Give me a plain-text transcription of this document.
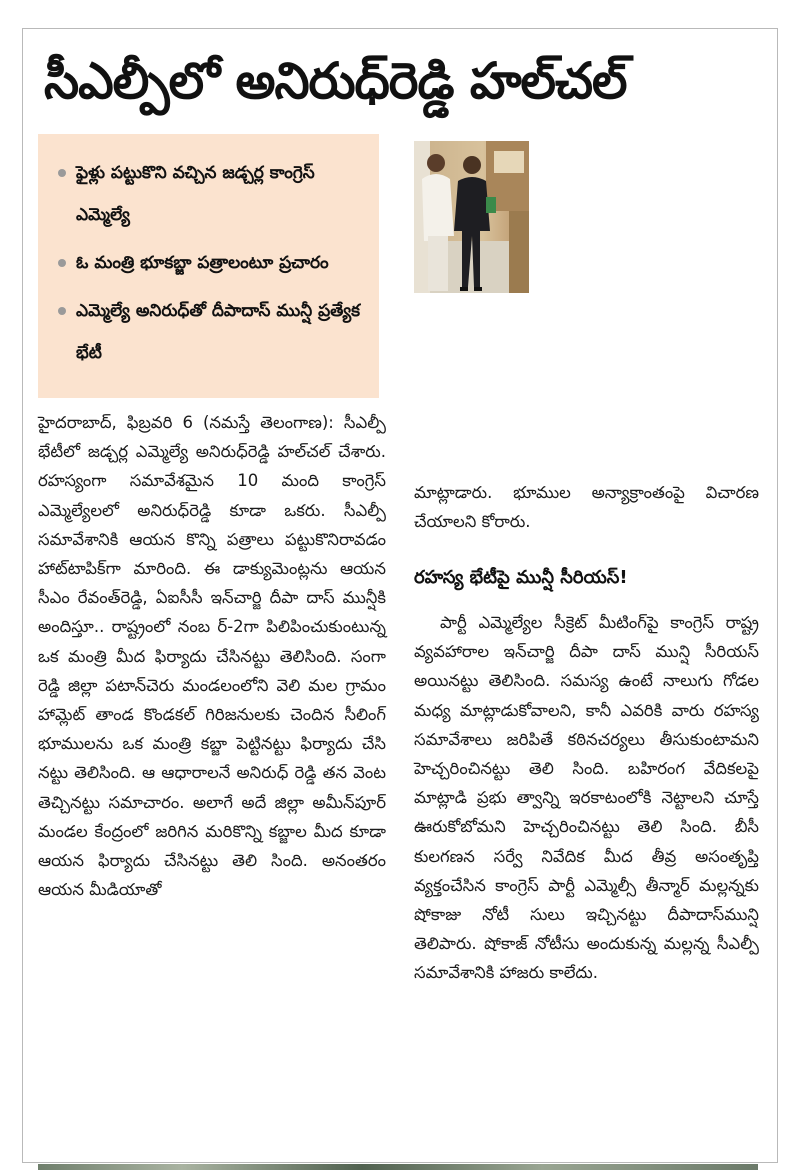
సీఎల్పీలో అనిరుధ్‌రెడ్డి హల్‌చల్
ఫైళ్లు పట్టుకొని వచ్చిన జడ్చర్ల కాంగ్రెస్‌ ఎమ్మెల్యే
ఓ మంత్రి భూకబ్జా పత్రాలంటూ ప్రచారం
ఎమ్మెల్యే అనిరుధ్‌తో దీపాదాస్‌ మున్షీ ప్రత్యేక భేటీ
హైదరాబాద్‌, ఫిబ్రవరి 6 (నమస్తే తెలంగాణ): సీఎల్పీ భేటీలో జడ్చర్ల ఎమ్మెల్యే అనిరుధ్‌రెడ్డి హల్‌చల్‌ చేశారు. రహస్యంగా సమావేశమైన 10 మంది కాంగ్రెస్‌ ఎమ్మెల్యేలలో అనిరుధ్‌రెడ్డి కూడా ఒకరు. సీఎల్పీ సమావేశానికి ఆయన కొన్ని పత్రాలు పట్టుకొనిరావడం హాట్‌టాపిక్‌గా మారింది. ఈ డాక్యుమెంట్లను ఆయన సీఎం రేవంత్‌రెడ్డి, ఏఐసీసీ ఇన్‌చార్జి దీపా దాస్‌ మున్షీకి అందిస్తూ.. రాష్ట్రంలో నంబ ర్‌-2గా పిలిపించుకుంటున్న ఒక మంత్రి మీద ఫిర్యాదు చేసినట్టు తెలిసింది. సంగా రెడ్డి జిల్లా పటాన్‌చెరు మండలంలోని వెలి మల గ్రామం హామ్లెట్‌ తాండ కొండకల్‌ గిరిజనులకు చెందిన సీలింగ్‌ భూములను ఒక మంత్రి కబ్జా పెట్టినట్టు ఫిర్యాదు చేసి నట్టు తెలిసింది. ఆ ఆధారాలనే అనిరుధ్‌ రెడ్డి తన వెంట తెచ్చినట్టు సమాచారం. అలాగే అదే జిల్లా అమీన్‌పూర్‌ మండల కేంద్రంలో జరిగిన మరికొన్ని కబ్జాల మీద కూడా ఆయన ఫిర్యాదు చేసినట్టు తెలి సింది. అనంతరం ఆయన మీడియాతో
మాట్లాడారు. భూముల అన్యాక్రాంతంపై విచారణ చేయాలని కోరారు.
రహస్య భేటీపై మున్షీ సీరియస్‌!
పార్టీ ఎమ్మెల్యేల సీక్రెట్‌ మీటింగ్‌పై కాంగ్రెస్‌ రాష్ట్ర వ్యవహారాల ఇన్‌చార్జి దీపా దాస్‌ మున్షి సీరియస్‌ అయినట్టు తెలిసింది. సమస్య ఉంటే నాలుగు గోడల మధ్య మాట్లాడుకోవాలని, కానీ ఎవరికి వారు రహస్య సమావేశాలు జరిపితే కఠినచర్యలు తీసుకుంటామని హెచ్చరించినట్టు తెలి సింది. బహిరంగ వేదికలపై మాట్లాడి ప్రభు త్వాన్ని ఇరకాటంలోకి నెట్టాలని చూస్తే ఊరుకోబోమని హెచ్చరించినట్టు తెలి సింది. బీసీ కులగణన సర్వే నివేదిక మీద తీవ్ర అసంతృప్తి వ్యక్తంచేసిన కాంగ్రెస్‌ పార్టీ ఎమ్మెల్సీ తీన్మార్‌ మల్లన్నకు షోకాజు నోటీ సులు ఇచ్చినట్టు దీపాదాస్‌మున్షి తెలిపారు. షోకాజ్‌ నోటీసు అందుకున్న మల్లన్న సీఎల్పీ సమావేశానికి హాజరు కాలేదు.
